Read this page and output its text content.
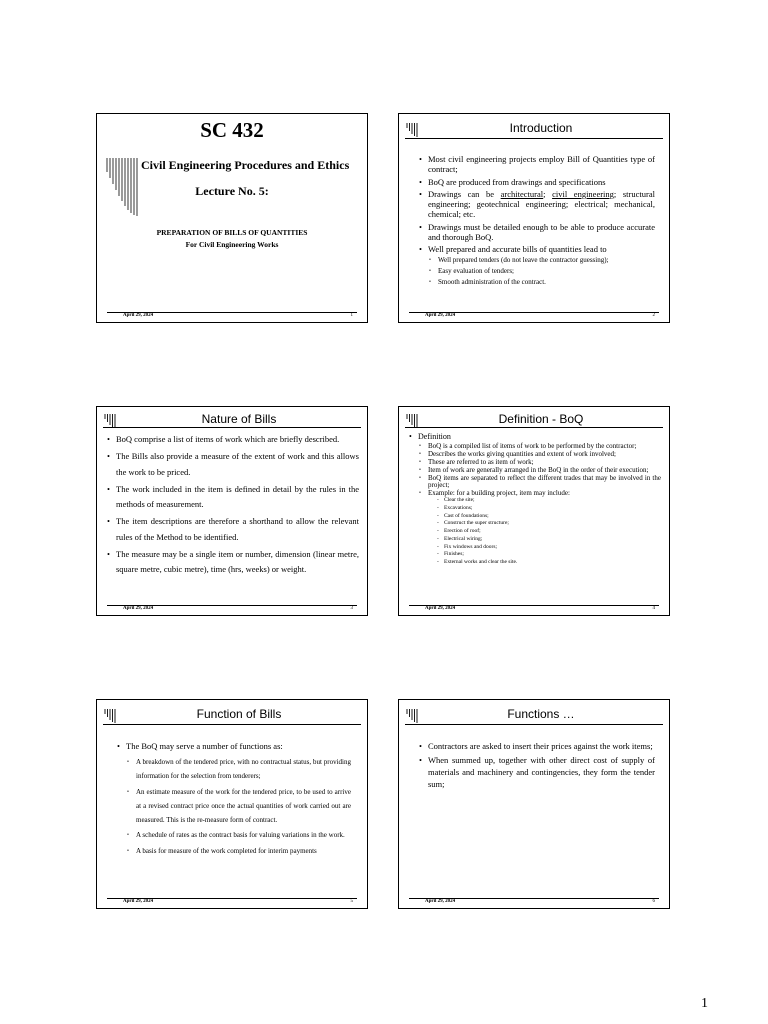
SC 432
Civil Engineering Procedures and Ethics
Lecture No. 5:
PREPARATION OF BILLS OF QUANTITIES
For Civil Engineering Works
April 29, 2024	1
Introduction
• Most civil engineering projects employ Bill of Quantities type of contract;
• BoQ are produced from drawings and specifications
• Drawings can be architectural; civil engineering; structural engineering; geotechnical engineering; electrical; mechanical, chemical; etc.
• Drawings must be detailed enough to be able to produce accurate and thorough BoQ.
• Well prepared and accurate bills of quantities lead to
• Well prepared tenders (do not leave the contractor guessing);
• Easy evaluation of tenders;
• Smooth administration of the contract.
April 29, 2024	2
Nature of Bills
• BoQ comprise a list of items of work which are briefly described.
• The Bills also provide a measure of the extent of work and this allows the work to be priced.
• The work included in the item is defined in detail by the rules in the methods of measurement.
• The item descriptions are therefore a shorthand to allow the relevant rules of the Method to be identified.
• The measure may be a single item or number, dimension (linear metre, square metre, cubic metre), time (hrs, weeks) or weight.
April 29, 2024	3
Definition - BoQ
• Definition
• BoQ is a compiled list of items of work to be performed by the contractor;
• Describes the works giving quantities and extent of work involved;
• These are referred to as item of work;
• Item of work are generally arranged in the BoQ in the order of their execution;
• BoQ items are separated to reflect the different trades that may be involved in the project;
• Example: for a building project, item may include:
- Clear the site;
- Excavations;
- Cast of foundations;
- Construct the super structure;
- Erection of roof;
- Electrical wiring;
- Fix windows and doors;
- Finishes;
- External works and clear the site.
April 29, 2024	4
Function of Bills
• The BoQ may serve a number of functions as:
• A breakdown of the tendered price, with no contractual status, but providing information for the selection from tenderers;
• An estimate measure of the work for the tendered price, to be used to arrive at a revised contract price once the actual quantities of work carried out are measured. This is the re-measure form of contract.
• A schedule of rates as the contract basis for valuing variations in the work.
• A basis for measure of the work completed for interim payments
April 29, 2024	5
Functions …
• Contractors are asked to insert their prices against the work items;
• When summed up, together with other direct cost of supply of materials and machinery and contingencies, they form the tender sum;
April 29, 2024	6
1
